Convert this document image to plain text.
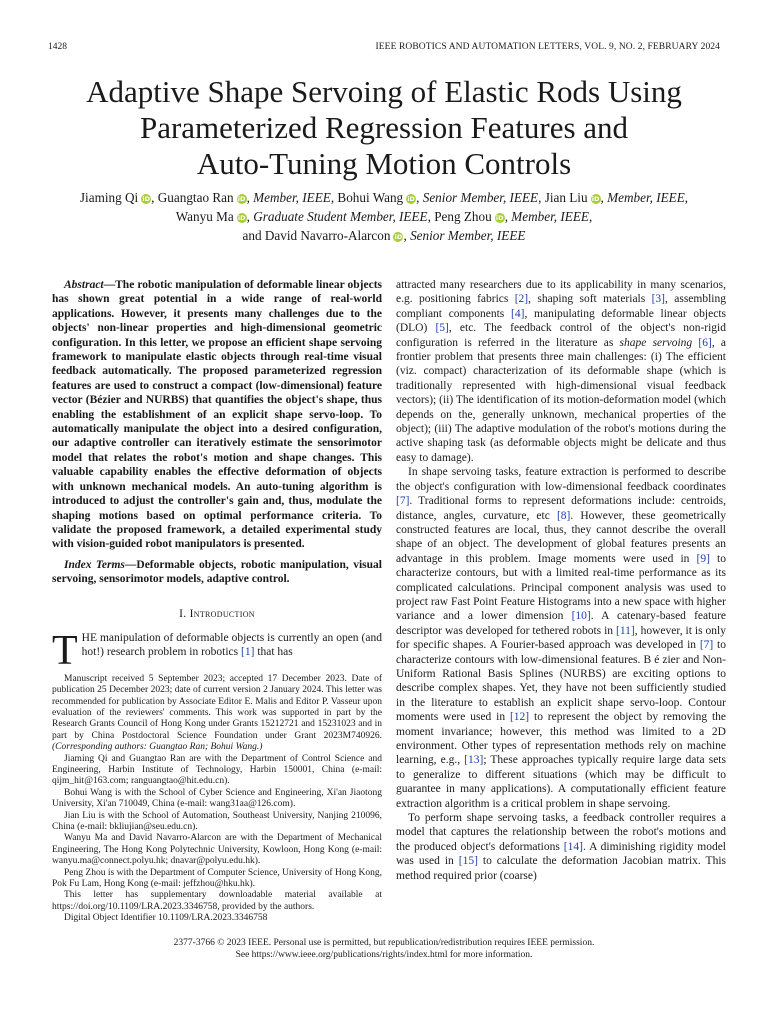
1428	IEEE ROBOTICS AND AUTOMATION LETTERS, VOL. 9, NO. 2, FEBRUARY 2024
Adaptive Shape Servoing of Elastic Rods Using
Parameterized Regression Features and
Auto-Tuning Motion Controls
Jiaming Qi iD, Guangtao Ran iD, Member, IEEE, Bohui Wang iD, Senior Member, IEEE, Jian Liu iD, Member, IEEE,
Wanyu Ma iD, Graduate Student Member, IEEE, Peng Zhou iD, Member, IEEE,
and David Navarro-Alarcon iD, Senior Member, IEEE

Abstract—The robotic manipulation of deformable linear objects has shown great potential in a wide range of real-world applications. However, it presents many challenges due to the objects' non-linear properties and high-dimensional geometric configuration. In this letter, we propose an efficient shape servoing framework to manipulate elastic objects through real-time visual feedback automatically. The proposed parameterized regression features are used to construct a compact (low-dimensional) feature vector (Bézier and NURBS) that quantifies the object's shape, thus enabling the establishment of an explicit shape servo-loop. To automatically manipulate the object into a desired configuration, our adaptive controller can iteratively estimate the sensorimotor model that relates the robot's motion and shape changes. This valuable capability enables the effective deformation of objects with unknown mechanical models. An auto-tuning algorithm is introduced to adjust the controller's gain and, thus, modulate the shaping motions based on optimal performance criteria. To validate the proposed framework, a detailed experimental study with vision-guided robot manipulators is presented.

Index Terms—Deformable objects, robotic manipulation, visual servoing, sensorimotor models, adaptive control.

I. Introduction

THE manipulation of deformable objects is currently an open (and hot!) research problem in robotics [1] that has

Manuscript received 5 September 2023; accepted 17 December 2023. Date of publication 25 December 2023; date of current version 2 January 2024. This letter was recommended for publication by Associate Editor E. Malis and Editor P. Vasseur upon evaluation of the reviewers' comments. This work was supported in part by the Research Grants Council of Hong Kong under Grants 15212721 and 15231023 and in part by China Postdoctoral Science Foundation under Grant 2023M740926. (Corresponding authors: Guangtao Ran; Bohui Wang.)

Jiaming Qi and Guangtao Ran are with the Department of Control Science and Engineering, Harbin Institute of Technology, Harbin 150001, China (e-mail: qijm_hit@163.com; ranguangtao@hit.edu.cn).

Bohui Wang is with the School of Cyber Science and Engineering, Xi'an Jiaotong University, Xi'an 710049, China (e-mail: wang31aa@126.com).

Jian Liu is with the School of Automation, Southeast University, Nanjing 210096, China (e-mail: bkliujian@seu.edu.cn).

Wanyu Ma and David Navarro-Alarcon are with the Department of Mechanical Engineering, The Hong Kong Polytechnic University, Kowloon, Hong Kong (e-mail: wanyu.ma@connect.polyu.hk; dnavar@polyu.edu.hk).

Peng Zhou is with the Department of Computer Science, University of Hong Kong, Pok Fu Lam, Hong Kong (e-mail: jeffzhou@hku.hk).

This letter has supplementary downloadable material available at https://doi.org/10.1109/LRA.2023.3346758, provided by the authors.

Digital Object Identifier 10.1109/LRA.2023.3346758

attracted many researchers due to its applicability in many scenarios, e.g. positioning fabrics [2], shaping soft materials [3], assembling compliant components [4], manipulating deformable linear objects (DLO) [5], etc. The feedback control of the object's non-rigid configuration is referred in the literature as shape servoing [6], a frontier problem that presents three main challenges: (i) The efficient (viz. compact) characterization of its deformable shape (which is traditionally represented with high-dimensional visual feedback vectors); (ii) The identification of its motion-deformation model (which depends on the, generally unknown, mechanical properties of the object); (iii) The adaptive modulation of the robot's motions during the active shaping task (as deformable objects might be delicate and thus easy to damage).

In shape servoing tasks, feature extraction is performed to describe the object's configuration with low-dimensional feedback coordinates [7]. Traditional forms to represent deformations include: centroids, distance, angles, curvature, etc [8]. However, these geometrically constructed features are local, thus, they cannot describe the overall shape of an object. The development of global features presents an advantage in this problem. Image moments were used in [9] to characterize contours, but with a limited real-time performance as its complicated calculations. Principal component analysis was used to project raw Fast Point Feature Histograms into a new space with higher variance and a lower dimension [10]. A catenary-based feature descriptor was developed for tethered robots in [11], however, it is only for specific shapes. A Fourier-based approach was developed in [7] to characterize contours with low-dimensional features. B é zier and Non-Uniform Rational Basis Splines (NURBS) are exciting options to describe complex shapes. Yet, they have not been sufficiently studied in the literature to establish an explicit shape servo-loop. Contour moments were used in [12] to represent the object by removing the moment invariance; however, this method was limited to a 2D environment. Other types of representation methods rely on machine learning, e.g., [13]; These approaches typically require large data sets to generalize to different situations (which may be difficult to guarantee in many applications). A computationally efficient feature extraction algorithm is a critical problem in shape servoing.

To perform shape servoing tasks, a feedback controller requires a model that captures the relationship between the robot's motions and the produced object's deformations [14]. A diminishing rigidity model was used in [15] to calculate the deformation Jacobian matrix. This method required prior (coarse)

2377-3766 © 2023 IEEE. Personal use is permitted, but republication/redistribution requires IEEE permission.
See https://www.ieee.org/publications/rights/index.html for more information.
